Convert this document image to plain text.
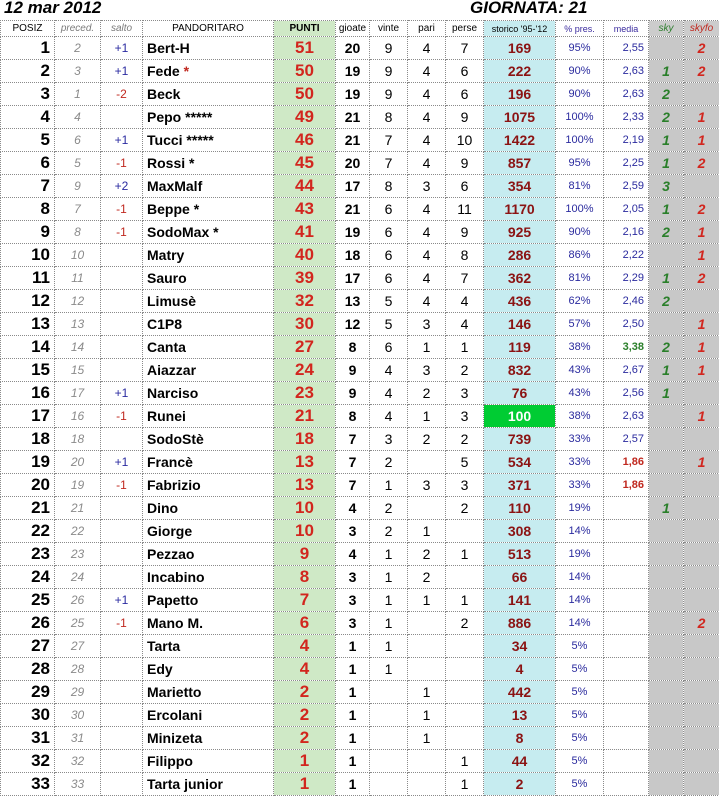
12 mar 2012	GIORNATA: 21
POSIZ	preced.	salto	PANDORITARO	PUNTI	gioate	vinte	pari	perse	storico '95-'12	% pres.	media	sky	skyfo
1	2	+1	Bert-H	51	20	9	4	7	169	95%	2,55		2
2	3	+1	Fede *	50	19	9	4	6	222	90%	2,63	1	2
3	1	-2	Beck	50	19	9	4	6	196	90%	2,63	2	
4	4		Pepo *****	49	21	8	4	9	1075	100%	2,33	2	1
5	6	+1	Tucci *****	46	21	7	4	10	1422	100%	2,19	1	1
6	5	-1	Rossi *	45	20	7	4	9	857	95%	2,25	1	2
7	9	+2	MaxMalf	44	17	8	3	6	354	81%	2,59	3	
8	7	-1	Beppe *	43	21	6	4	11	1170	100%	2,05	1	2
9	8	-1	SodoMax *	41	19	6	4	9	925	90%	2,16	2	1
10	10		Matry	40	18	6	4	8	286	86%	2,22		1
11	11		Sauro	39	17	6	4	7	362	81%	2,29	1	2
12	12		Limusè	32	13	5	4	4	436	62%	2,46	2	
13	13		C1P8	30	12	5	3	4	146	57%	2,50		1
14	14		Canta	27	8	6	1	1	119	38%	3,38	2	1
15	15		Aiazzar	24	9	4	3	2	832	43%	2,67	1	1
16	17	+1	Narciso	23	9	4	2	3	76	43%	2,56	1	
17	16	-1	Runei	21	8	4	1	3	100	38%	2,63		1
18	18		SodoStè	18	7	3	2	2	739	33%	2,57		
19	20	+1	Francè	13	7	2		5	534	33%	1,86		1
20	19	-1	Fabrizio	13	7	1	3	3	371	33%	1,86		
21	21		Dino	10	4	2		2	110	19%		1	
22	22		Giorge	10	3	2	1		308	14%			
23	23		Pezzao	9	4	1	2	1	513	19%			
24	24		Incabino	8	3	1	2		66	14%			
25	26	+1	Papetto	7	3	1	1	1	141	14%			
26	25	-1	Mano M.	6	3	1		2	886	14%			2
27	27		Tarta	4	1	1			34	5%			
28	28		Edy	4	1	1			4	5%			
29	29		Marietto	2	1		1		442	5%			
30	30		Ercolani	2	1		1		13	5%			
31	31		Minizeta	2	1		1		8	5%			
32	32		Filippo	1	1			1	44	5%			
33	33		Tarta junior	1	1			1	2	5%			
